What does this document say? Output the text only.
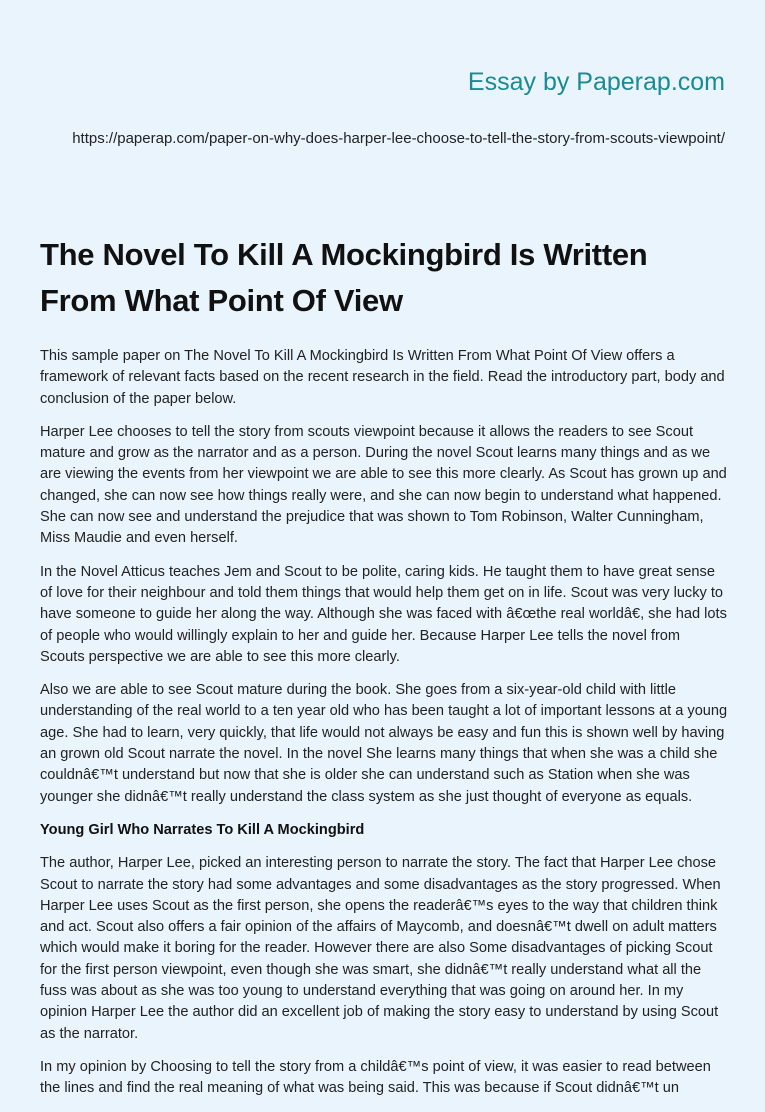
Essay by Paperap.com
https://paperap.com/paper-on-why-does-harper-lee-choose-to-tell-the-story-from-scouts-viewpoint/
The Novel To Kill A Mockingbird Is Written From What Point Of View

This sample paper on The Novel To Kill A Mockingbird Is Written From What Point Of View offers a framework of relevant facts based on the recent research in the field. Read the introductory part, body and conclusion of the paper below.

Harper Lee chooses to tell the story from scouts viewpoint because it allows the readers to see Scout mature and grow as the narrator and as a person. During the novel Scout learns many things and as we are viewing the events from her viewpoint we are able to see this more clearly. As Scout has grown up and changed, she can now see how things really were, and she can now begin to understand what happened. She can now see and understand the prejudice that was shown to Tom Robinson, Walter Cunningham, Miss Maudie and even herself.

In the Novel Atticus teaches Jem and Scout to be polite, caring kids. He taught them to have great sense of love for their neighbour and told them things that would help them get on in life. Scout was very lucky to have someone to guide her along the way. Although she was faced with â€œthe real worldâ€, she had lots of people who would willingly explain to her and guide her. Because Harper Lee tells the novel from Scouts perspective we are able to see this more clearly.

Also we are able to see Scout mature during the book. She goes from a six-year-old child with little understanding of the real world to a ten year old who has been taught a lot of important lessons at a young age. She had to learn, very quickly, that life would not always be easy and fun this is shown well by having an grown old Scout narrate the novel. In the novel She learns many things that when she was a child she couldnâ€™t understand but now that she is older she can understand such as Station when she was younger she didnâ€™t really understand the class system as she just thought of everyone as equals.

Young Girl Who Narrates To Kill A Mockingbird

The author, Harper Lee, picked an interesting person to narrate the story. The fact that Harper Lee chose Scout to narrate the story had some advantages and some disadvantages as the story progressed. When Harper Lee uses Scout as the first person, she opens the readerâ€™s eyes to the way that children think and act. Scout also offers a fair opinion of the affairs of Maycomb, and doesnâ€™t dwell on adult matters which would make it boring for the reader. However there are also Some disadvantages of picking Scout for the first person viewpoint, even though she was smart, she didnâ€™t really understand what all the fuss was about as she was too young to understand everything that was going on around her. In my opinion Harper Lee the author did an excellent job of making the story easy to understand by using Scout as the narrator.

In my opinion by Choosing to tell the story from a childâ€™s point of view, it was easier to read between the lines and find the real meaning of what was being said. This was because if Scout didnâ€™t un
